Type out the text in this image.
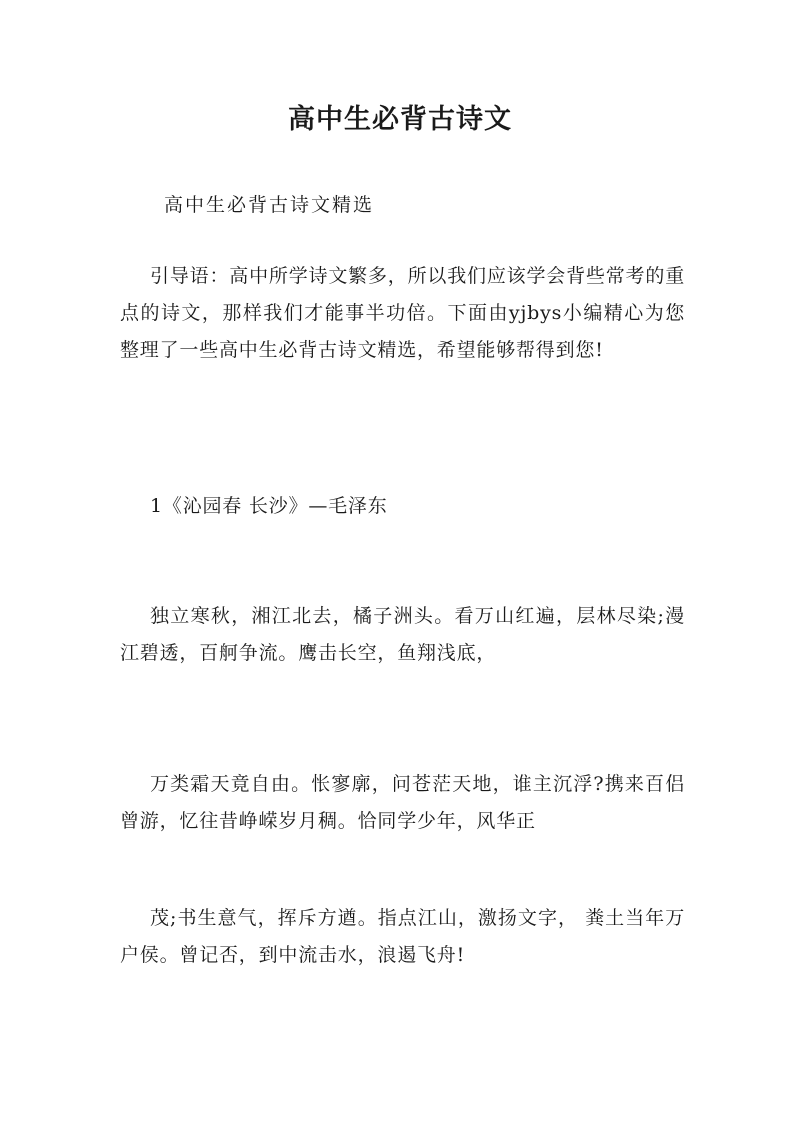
高中生必背古诗文
高中生必背古诗文精选
引导语：高中所学诗文繁多，所以我们应该学会背些常考的重点的诗文，那样我们才能事半功倍。下面由yjbys小编精心为您整理了一些高中生必背古诗文精选，希望能够帮得到您!
1《沁园春 长沙》—毛泽东
独立寒秋，湘江北去，橘子洲头。看万山红遍，层林尽染;漫江碧透，百舸争流。鹰击长空，鱼翔浅底，
万类霜天竟自由。怅寥廓，问苍茫天地，谁主沉浮?携来百侣曾游，忆往昔峥嵘岁月稠。恰同学少年，风华正
茂;书生意气，挥斥方遒。指点江山，激扬文字， 粪土当年万户侯。曾记否，到中流击水，浪遏飞舟!
